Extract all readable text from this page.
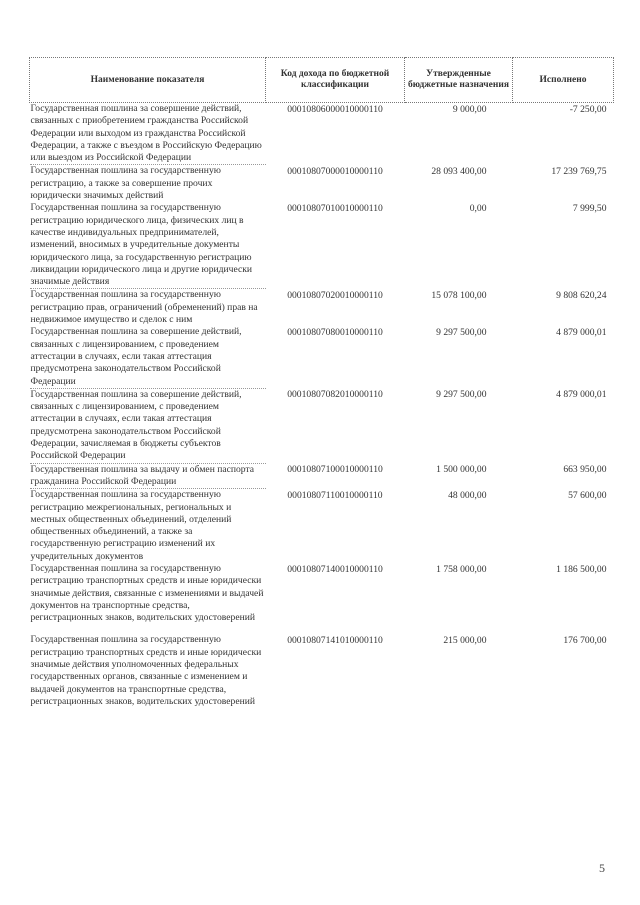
Наименование показателя	Код дохода по бюджетной классификации	Утвержденные бюджетные назначения	Исполнено
Государственная пошлина за совершение действий, связанных с приобретением гражданства Российской Федерации или выходом из гражданства Российской Федерации, а также с въездом в Российскую Федерацию или выездом из Российской Федерации	00010806000010000110	9 000,00	-7 250,00
Государственная пошлина за государственную регистрацию, а также за совершение прочих юридически значимых действий	00010807000010000110	28 093 400,00	17 239 769,75
Государственная пошлина за государственную регистрацию юридического лица, физических лиц в качестве индивидуальных предпринимателей, изменений, вносимых в учредительные документы юридического лица, за государственную регистрацию ликвидации юридического лица и другие юридически значимые действия	00010807010010000110	0,00	7 999,50
Государственная пошлина за государственную регистрацию прав, ограничений (обременений) прав на недвижимое имущество и сделок с ним	00010807020010000110	15 078 100,00	9 808 620,24
Государственная пошлина за совершение действий, связанных с лицензированием, с проведением аттестации в случаях, если такая аттестация предусмотрена законодательством Российской Федерации	00010807080010000110	9 297 500,00	4 879 000,01
Государственная пошлина за совершение действий, связанных с лицензированием, с проведением аттестации в случаях, если такая аттестация предусмотрена законодательством Российской Федерации, зачисляемая в бюджеты субъектов Российской Федерации	00010807082010000110	9 297 500,00	4 879 000,01
Государственная пошлина за выдачу и обмен паспорта гражданина Российской Федерации	00010807100010000110	1 500 000,00	663 950,00
Государственная пошлина за государственную регистрацию межрегиональных, региональных и местных общественных объединений, отделений общественных объединений, а также за государственную регистрацию изменений их учредительных документов	00010807110010000110	48 000,00	57 600,00
Государственная пошлина за государственную регистрацию транспортных средств и иные юридически значимые действия, связанные с изменениями и выдачей документов на транспортные средства, регистрационных знаков, водительских удостоверений	00010807140010000110	1 758 000,00	1 186 500,00
Государственная пошлина за государственную регистрацию транспортных средств и иные юридически значимые действия уполномоченных федеральных государственных органов, связанные с изменением и выдачей документов на транспортные средства, регистрационных знаков, водительских удостоверений	00010807141010000110	215 000,00	176 700,00
5
